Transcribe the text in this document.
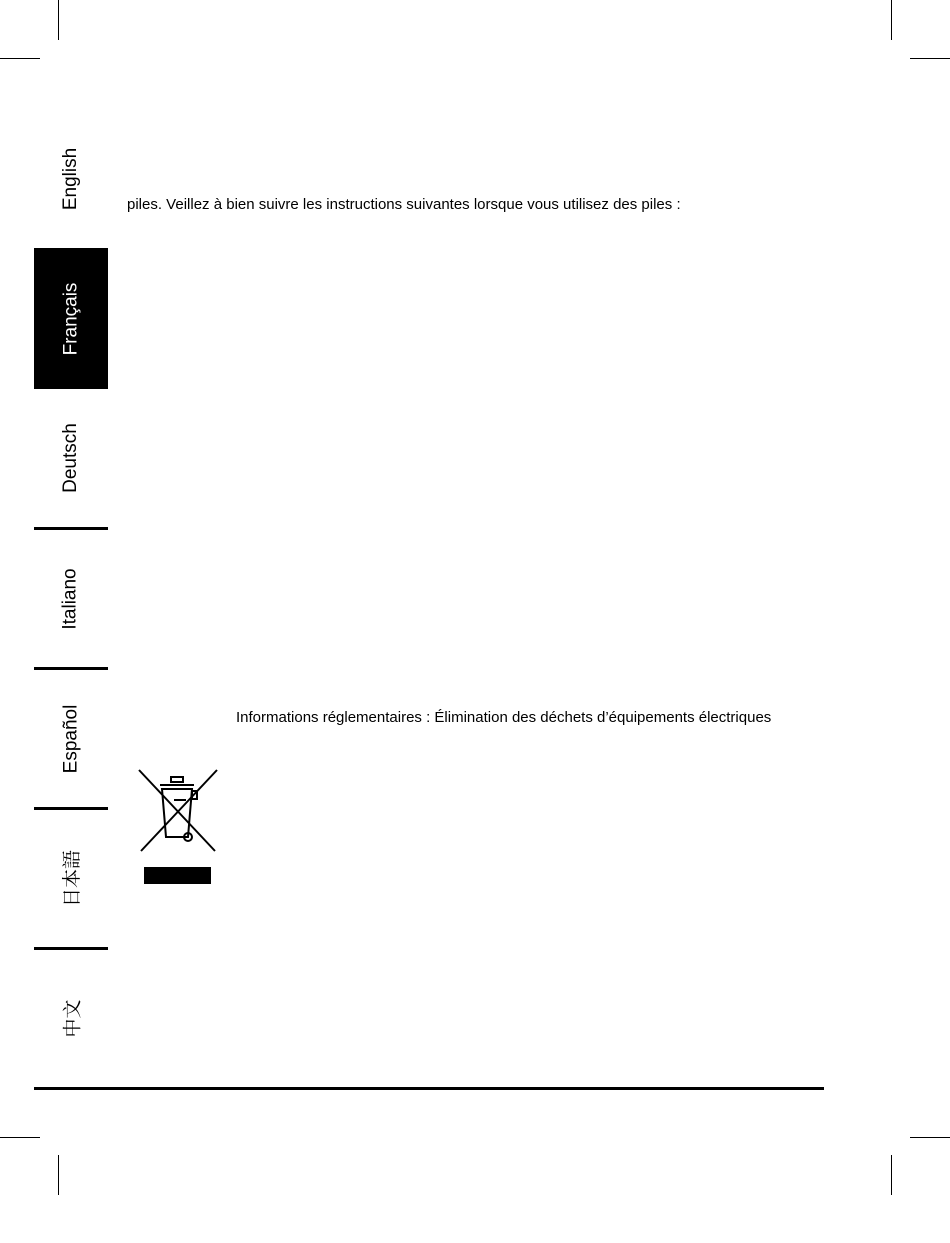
English
Français
Deutsch
Italiano
Español
日本語
中文
piles. Veillez à bien suivre les instructions suivantes lorsque vous utilisez des piles :
Informations réglementaires : Élimination des déchets d’équipements électriques
